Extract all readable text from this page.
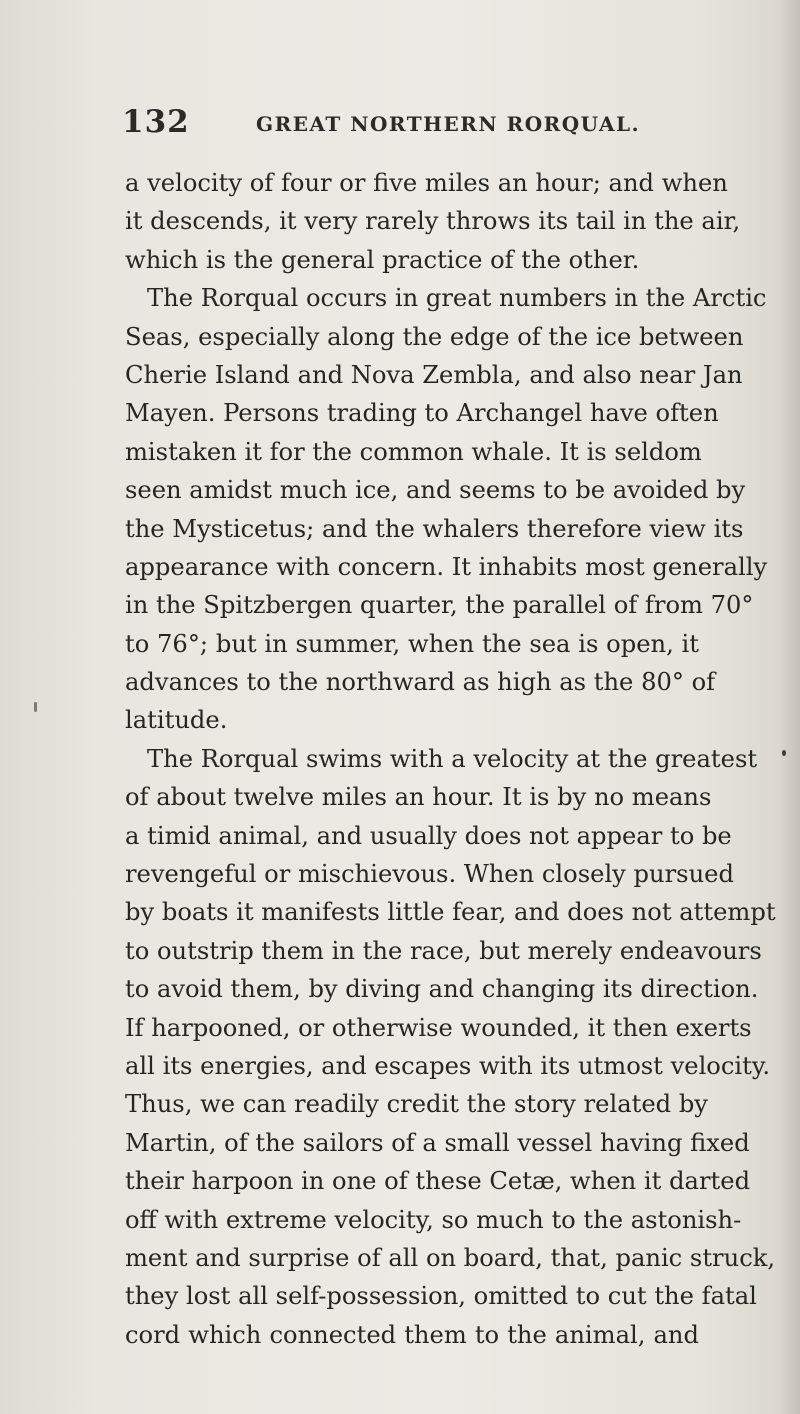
132	GREAT NORTHERN RORQUAL.
a velocity of four or five miles an hour; and when
it descends, it very rarely throws its tail in the air,
which is the general practice of the other.
The Rorqual occurs in great numbers in the Arctic
Seas, especially along the edge of the ice between
Cherie Island and Nova Zembla, and also near Jan
Mayen. Persons trading to Archangel have often
mistaken it for the common whale. It is seldom
seen amidst much ice, and seems to be avoided by
the Mysticetus; and the whalers therefore view its
appearance with concern. It inhabits most generally
in the Spitzbergen quarter, the parallel of from 70°
to 76°; but in summer, when the sea is open, it
advances to the northward as high as the 80° of
latitude.
The Rorqual swims with a velocity at the greatest
of about twelve miles an hour. It is by no means
a timid animal, and usually does not appear to be
revengeful or mischievous. When closely pursued
by boats it manifests little fear, and does not attempt
to outstrip them in the race, but merely endeavours
to avoid them, by diving and changing its direction.
If harpooned, or otherwise wounded, it then exerts
all its energies, and escapes with its utmost velocity.
Thus, we can readily credit the story related by
Martin, of the sailors of a small vessel having fixed
their harpoon in one of these Cetæ, when it darted
off with extreme velocity, so much to the astonish-
ment and surprise of all on board, that, panic struck,
they lost all self-possession, omitted to cut the fatal
cord which connected them to the animal, and
